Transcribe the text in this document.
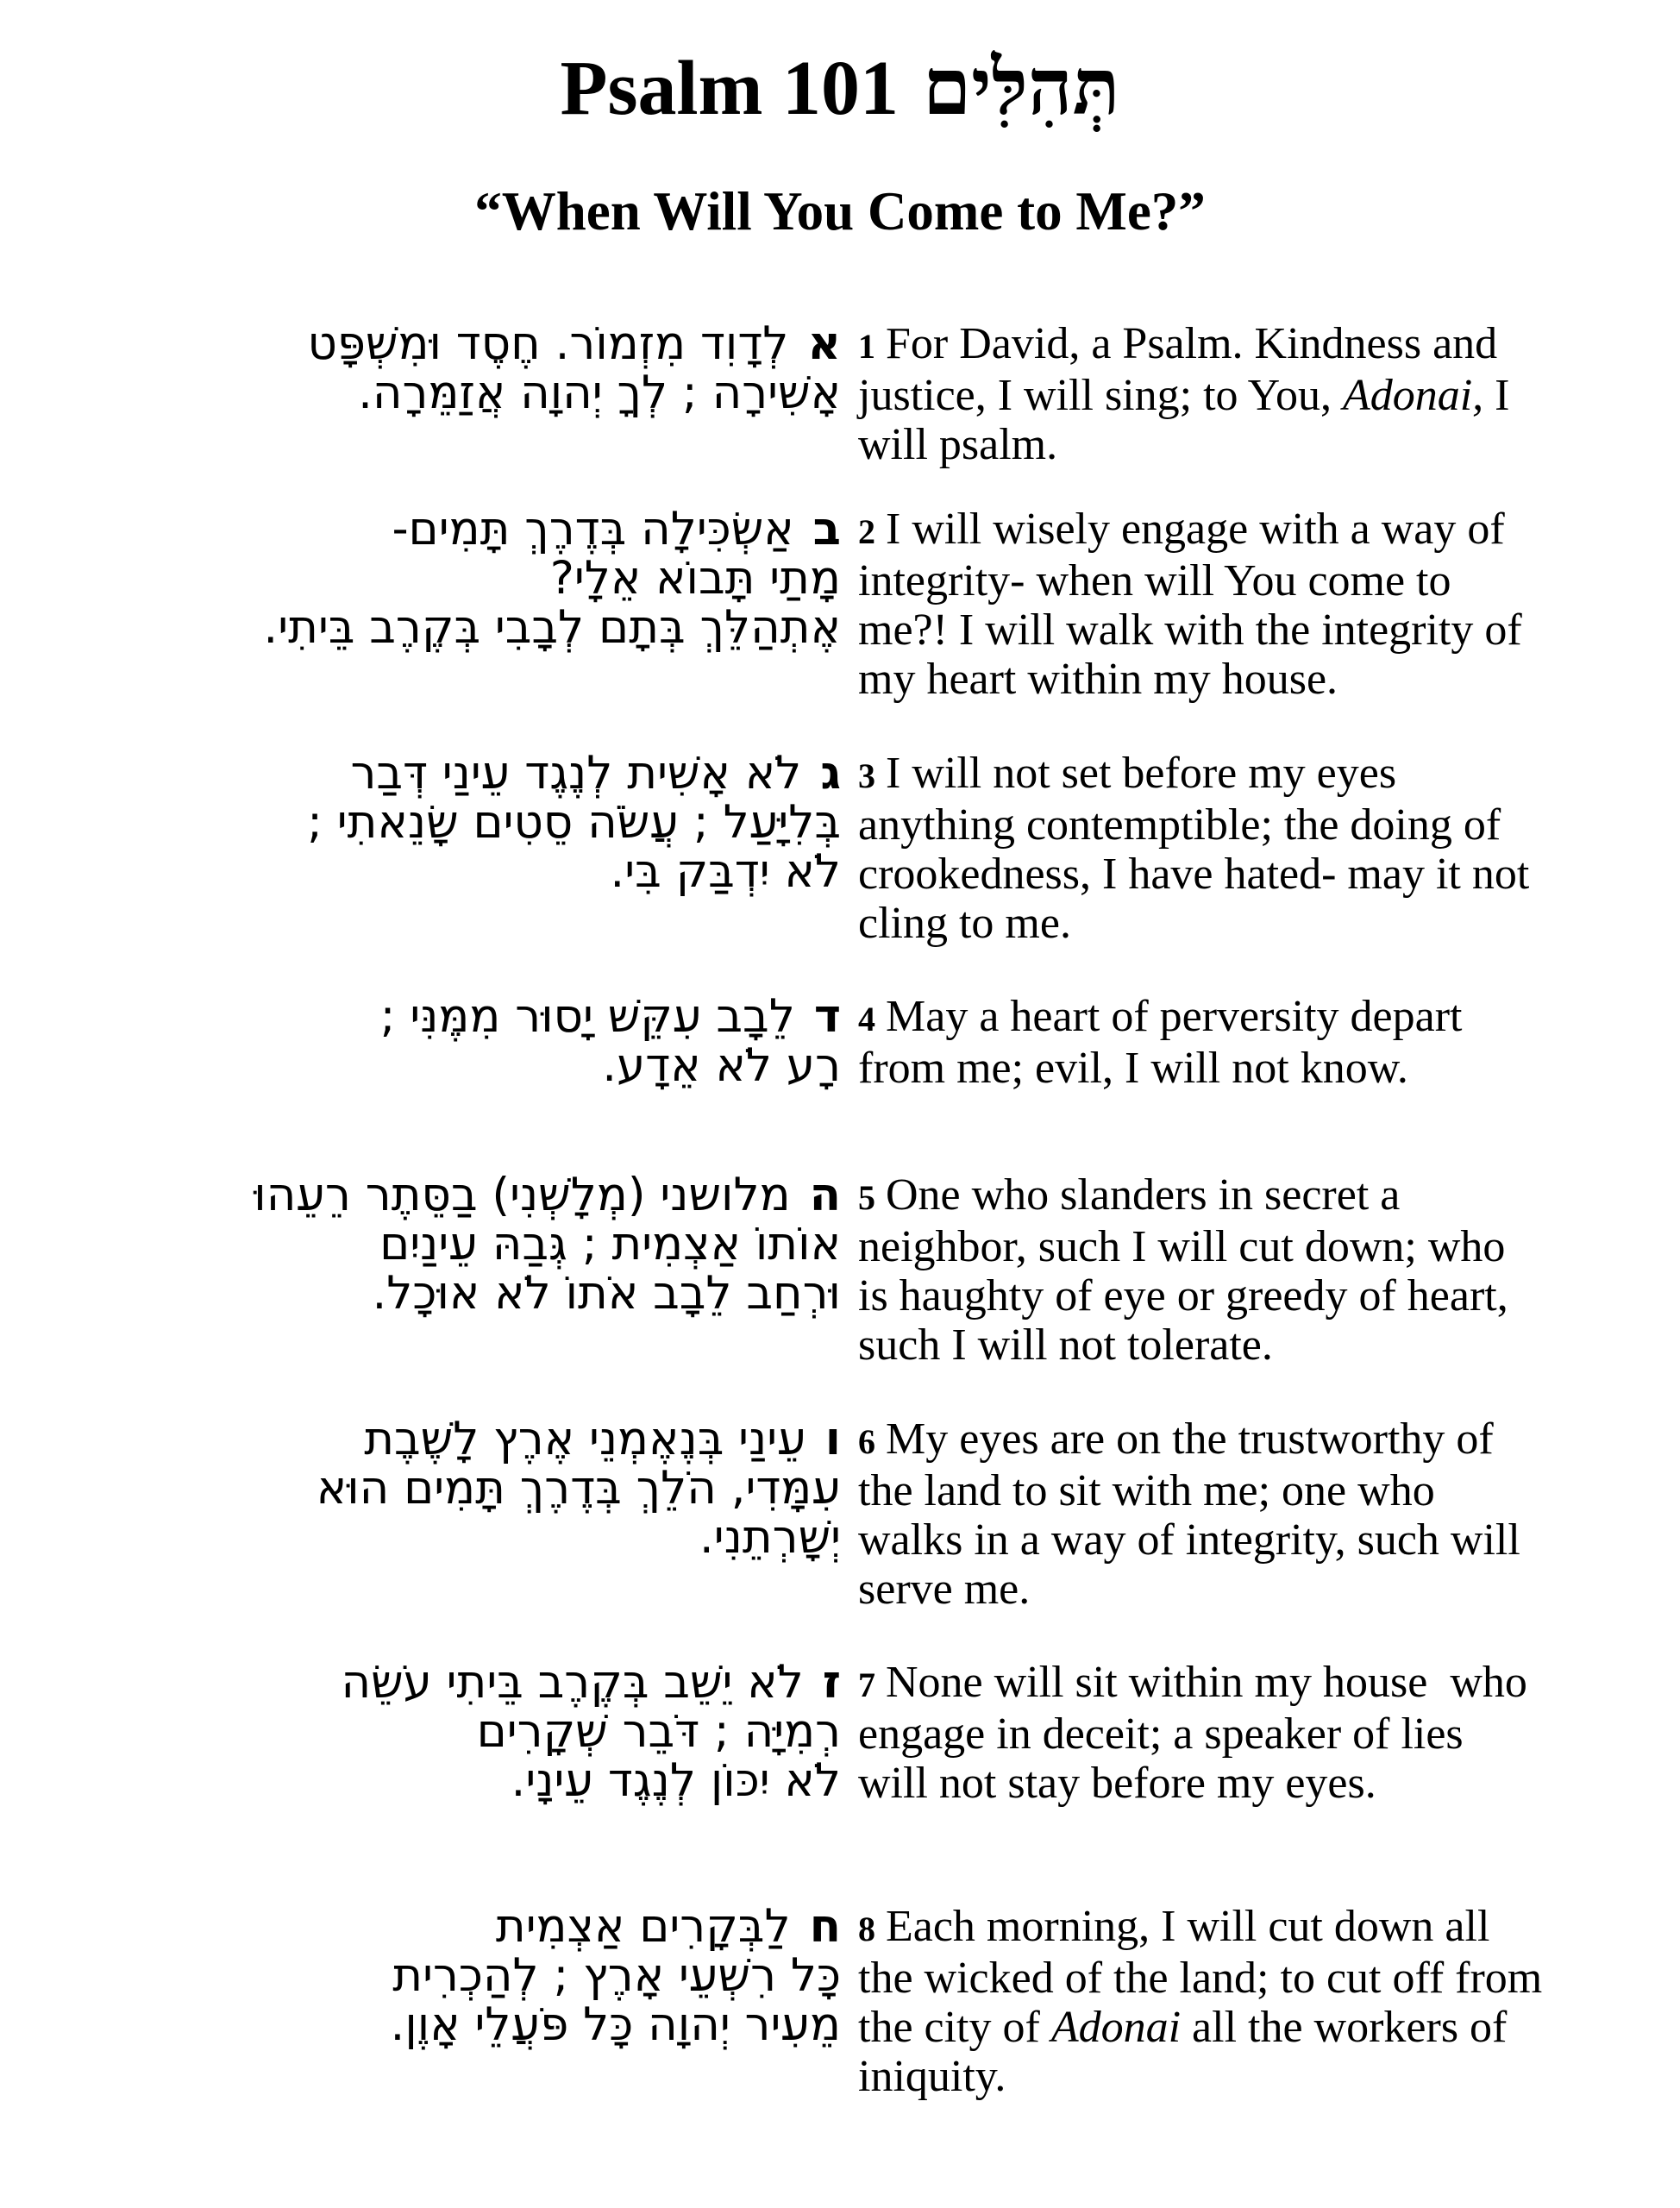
Psalm 101 תְּהִלִּים
“When Will You Come to Me?”
אלְדָוִד מִזְמוֹר. חֶסֶד וּמִשְׁפָּט
אָשִׁירָה ; לְךָ יְהוָה אֲזַמֵּרָה.
1 For David, a Psalm. Kindness and
justice, I will sing; to You, Adonai, I
will psalm.
באַשְׂכִּילָה בְּדֶרֶךְ תָּמִים-
מָתַי תָּבוֹא אֵלָי?
אֶתְהַלֵּךְ בְּתָם לְבָבִי בְּקֶרֶב בֵּיתִי.
2 I will wisely engage with a way of
integrity- when will You come to
me?! I will walk with the integrity of
my heart within my house.
גלֹא אָשִׁית לְנֶגֶד עֵינַי דְּבַר
בְּלִיָּעַל ; עֲשֹׂה סֵטִים שָׂנֵאתִי ;
לֹא יִדְבַּק בִּי.
3 I will not set before my eyes
anything contemptible; the doing of
crookedness, I have hated- may it not
cling to me.
דלֵבָב עִקֵּשׁ יָסוּר מִמֶּנִּי ;
רָע לֹא אֵדָע.
4 May a heart of perversity depart
from me; evil, I will not know.
המלושני (מְלָשְׁנִי) בַסֵּתֶר רֵעֵהוּ
אוֹתוֹ אַצְמִית ; גְּבַהּ עֵינַיִם
וּרְחַב לֵבָב אֹתוֹ לֹא אוּכָל.
5 One who slanders in secret a
neighbor, such I will cut down; who
is haughty of eye or greedy of heart,
such I will not tolerate.
ועֵינַי בְּנֶאֶמְנֵי אֶרֶץ לָשֶׁבֶת
עִמָּדִי, הֹלֵךְ בְּדֶרֶךְ תָּמִים הוּא
יְשָׁרְתֵנִי.
6 My eyes are on the trustworthy of
the land to sit with me; one who
walks in a way of integrity, such will
serve me.
זלֹא יֵשֵׁב בְּקֶרֶב בֵּיתִי עֹשֵׂה
רְמִיָּה ; דֹּבֵר שְׁקָרִים
לֹא יִכּוֹן לְנֶגֶד עֵינָי.
7 None will sit within my house  who
engage in deceit; a speaker of lies
will not stay before my eyes.
חלַבְּקָרִים אַצְמִית
כָּל רִשְׁעֵי אָרֶץ ; לְהַכְרִית
מֵעִיר יְהוָה כָּל פֹּעֲלֵי אָוֶן.
8 Each morning, I will cut down all
the wicked of the land; to cut off from
the city of Adonai all the workers of
iniquity.
